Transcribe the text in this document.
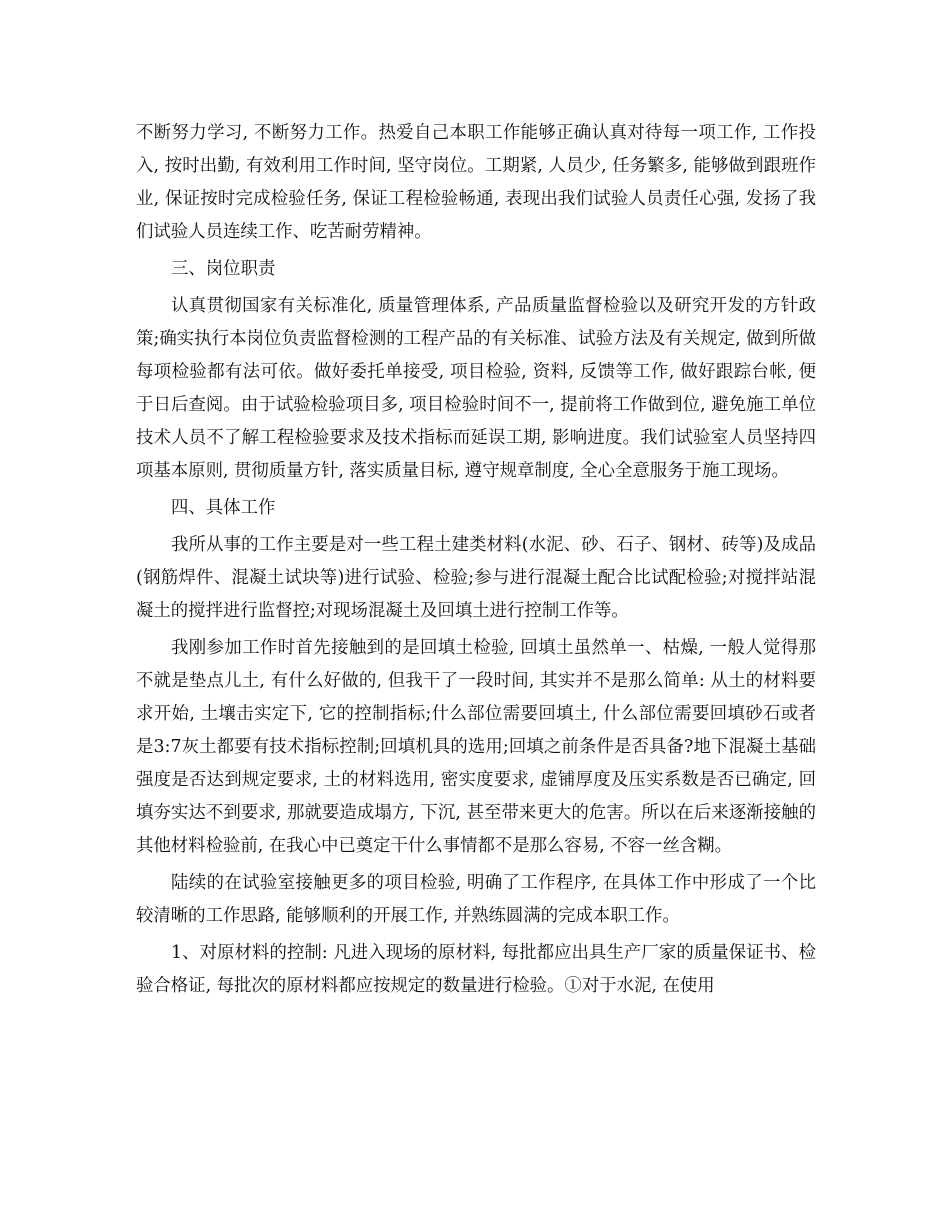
不断努力学习, 不断努力工作。热爱自己本职工作能够正确认真对待每一项工作, 工作投入, 按时出勤, 有效利用工作时间, 坚守岗位。工期紧, 人员少, 任务繁多, 能够做到跟班作业, 保证按时完成检验任务, 保证工程检验畅通, 表现出我们试验人员责任心强, 发扬了我们试验人员连续工作、吃苦耐劳精神。

三、岗位职责

认真贯彻国家有关标准化, 质量管理体系, 产品质量监督检验以及研究开发的方针政策;确实执行本岗位负责监督检测的工程产品的有关标准、试验方法及有关规定, 做到所做每项检验都有法可依。做好委托单接受, 项目检验, 资料, 反馈等工作, 做好跟踪台帐, 便于日后查阅。由于试验检验项目多, 项目检验时间不一, 提前将工作做到位, 避免施工单位技术人员不了解工程检验要求及技术指标而延误工期, 影响进度。我们试验室人员坚持四项基本原则, 贯彻质量方针, 落实质量目标, 遵守规章制度, 全心全意服务于施工现场。

四、具体工作

我所从事的工作主要是对一些工程土建类材料(水泥、砂、石子、钢材、砖等)及成品(钢筋焊件、混凝土试块等)进行试验、检验;参与进行混凝土配合比试配检验;对搅拌站混凝土的搅拌进行监督控;对现场混凝土及回填土进行控制工作等。

我刚参加工作时首先接触到的是回填土检验, 回填土虽然单一、枯燥, 一般人觉得那不就是垫点儿土, 有什么好做的, 但我干了一段时间, 其实并不是那么简单: 从土的材料要求开始, 土壤击实定下, 它的控制指标;什么部位需要回填土, 什么部位需要回填砂石或者是3:7灰土都要有技术指标控制;回填机具的选用;回填之前条件是否具备?地下混凝土基础强度是否达到规定要求, 土的材料选用, 密实度要求, 虚铺厚度及压实系数是否已确定, 回填夯实达不到要求, 那就要造成塌方, 下沉, 甚至带来更大的危害。所以在后来逐渐接触的其他材料检验前, 在我心中已奠定干什么事情都不是那么容易, 不容一丝含糊。

陆续的在试验室接触更多的项目检验, 明确了工作程序, 在具体工作中形成了一个比较清晰的工作思路, 能够顺利的开展工作, 并熟练圆满的完成本职工作。

1、对原材料的控制: 凡进入现场的原材料, 每批都应出具生产厂家的质量保证书、检验合格证, 每批次的原材料都应按规定的数量进行检验。①对于水泥, 在使用
